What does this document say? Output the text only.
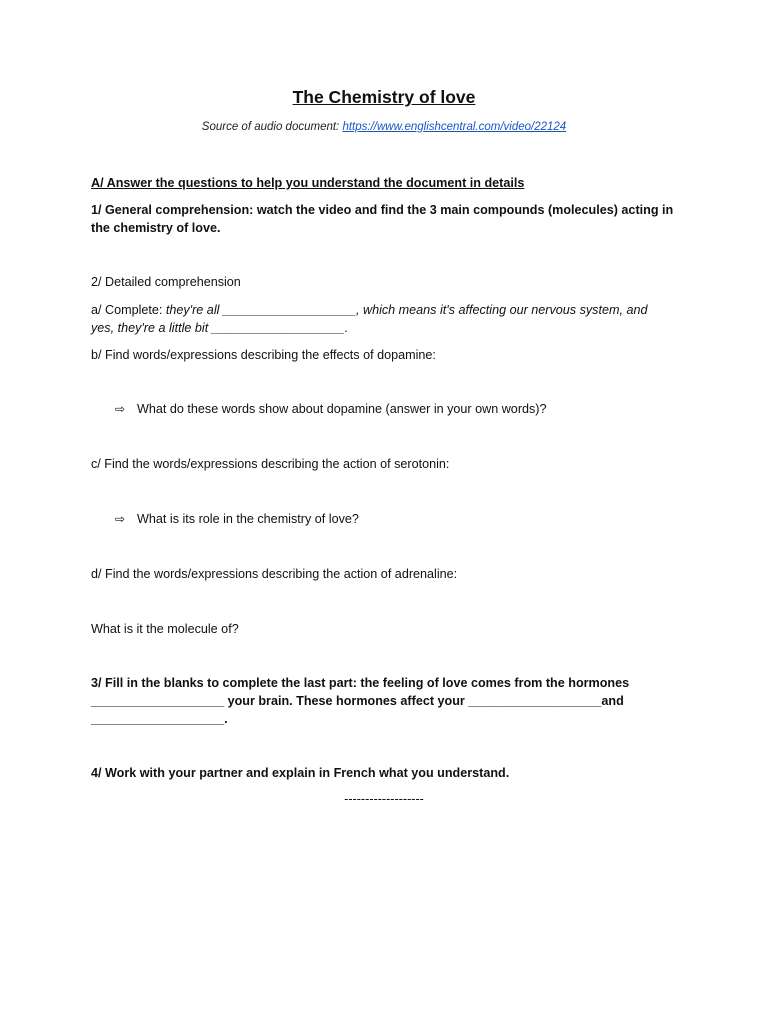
The Chemistry of love
Source of audio document: https://www.englishcentral.com/video/22124
A/ Answer the questions to help you understand the document in details
1/ General comprehension: watch the video and find the 3 main compounds (molecules) acting in
the chemistry of love.
2/ Detailed comprehension
a/ Complete: they're all ___________________, which means it's affecting our nervous system, and
yes, they're a little bit ___________________.
b/ Find words/expressions describing the effects of dopamine:
⇨ What do these words show about dopamine (answer in your own words)?
c/ Find the words/expressions describing the action of serotonin:
⇨ What is its role in the chemistry of love?
d/ Find the words/expressions describing the action of adrenaline:
What is it the molecule of?
3/ Fill in the blanks to complete the last part: the feeling of love comes from the hormones
___________________ your brain. These hormones affect your ___________________and
___________________.
4/ Work with your partner and explain in French what you understand.
-------------------
